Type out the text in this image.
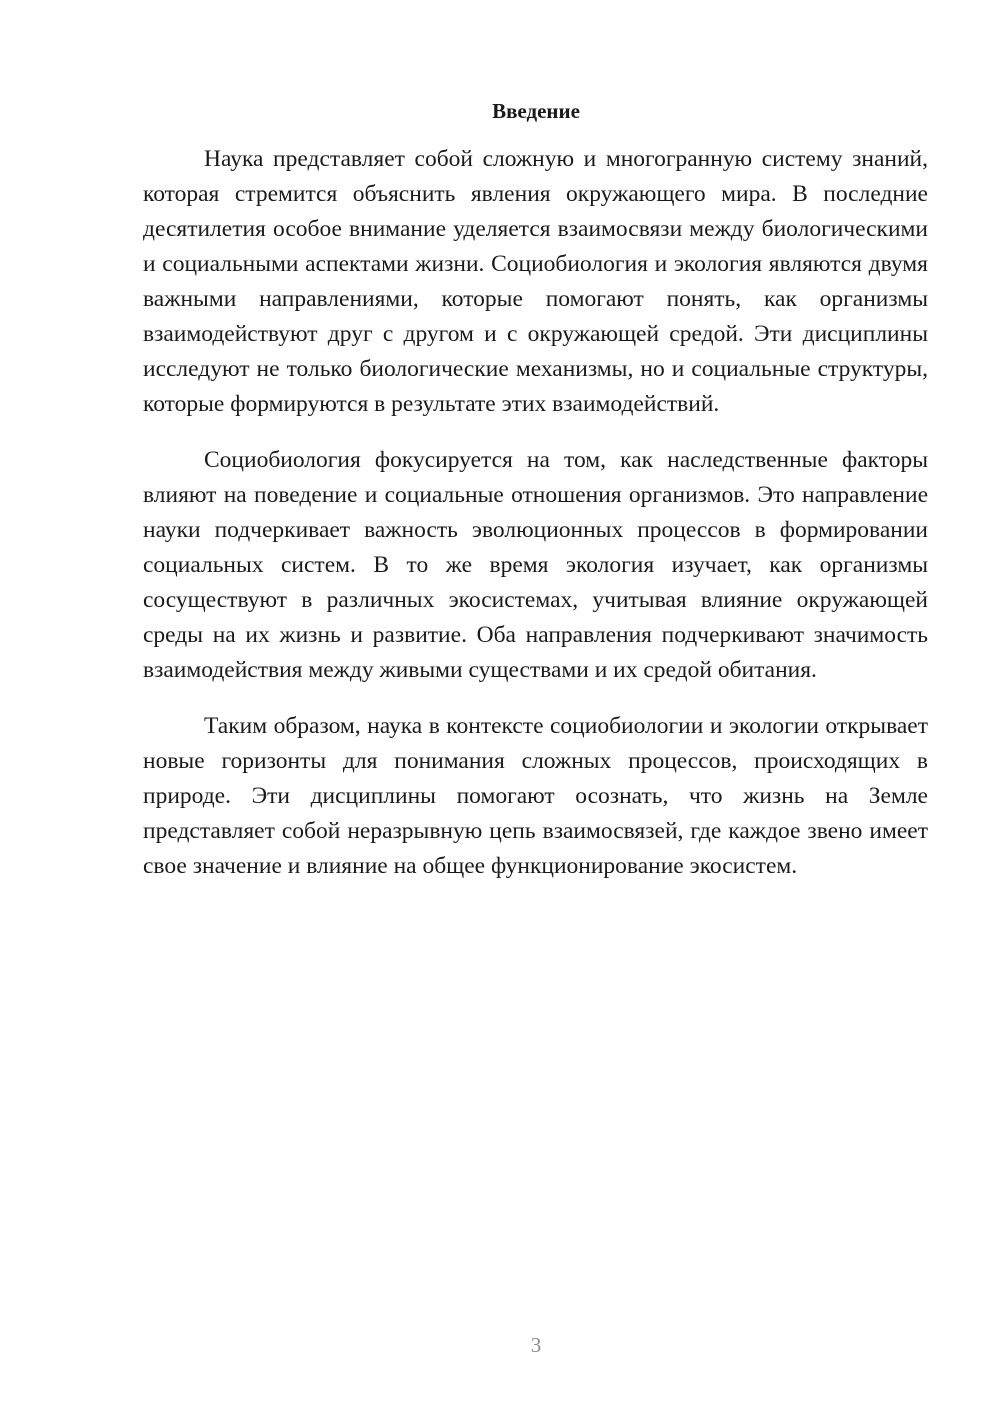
Введение

Наука представляет собой сложную и многогранную систему знаний, которая стремится объяснить явления окружающего мира. В последние десятилетия особое внимание уделяется взаимосвязи между биологическими и социальными аспектами жизни. Социобиология и экология являются двумя важными направлениями, которые помогают понять, как организмы взаимодействуют друг с другом и с окружающей средой. Эти дисциплины исследуют не только биологические механизмы, но и социальные структуры, которые формируются в результате этих взаимодействий.

Социобиология фокусируется на том, как наследственные факторы влияют на поведение и социальные отношения организмов. Это направление науки подчеркивает важность эволюционных процессов в формировании социальных систем. В то же время экология изучает, как организмы сосуществуют в различных экосистемах, учитывая влияние окружающей среды на их жизнь и развитие. Оба направления подчеркивают значимость взаимодействия между живыми существами и их средой обитания.

Таким образом, наука в контексте социобиологии и экологии открывает новые горизонты для понимания сложных процессов, происходящих в природе. Эти дисциплины помогают осознать, что жизнь на Земле представляет собой неразрывную цепь взаимосвязей, где каждое звено имеет свое значение и влияние на общее функционирование экосистем.

3
